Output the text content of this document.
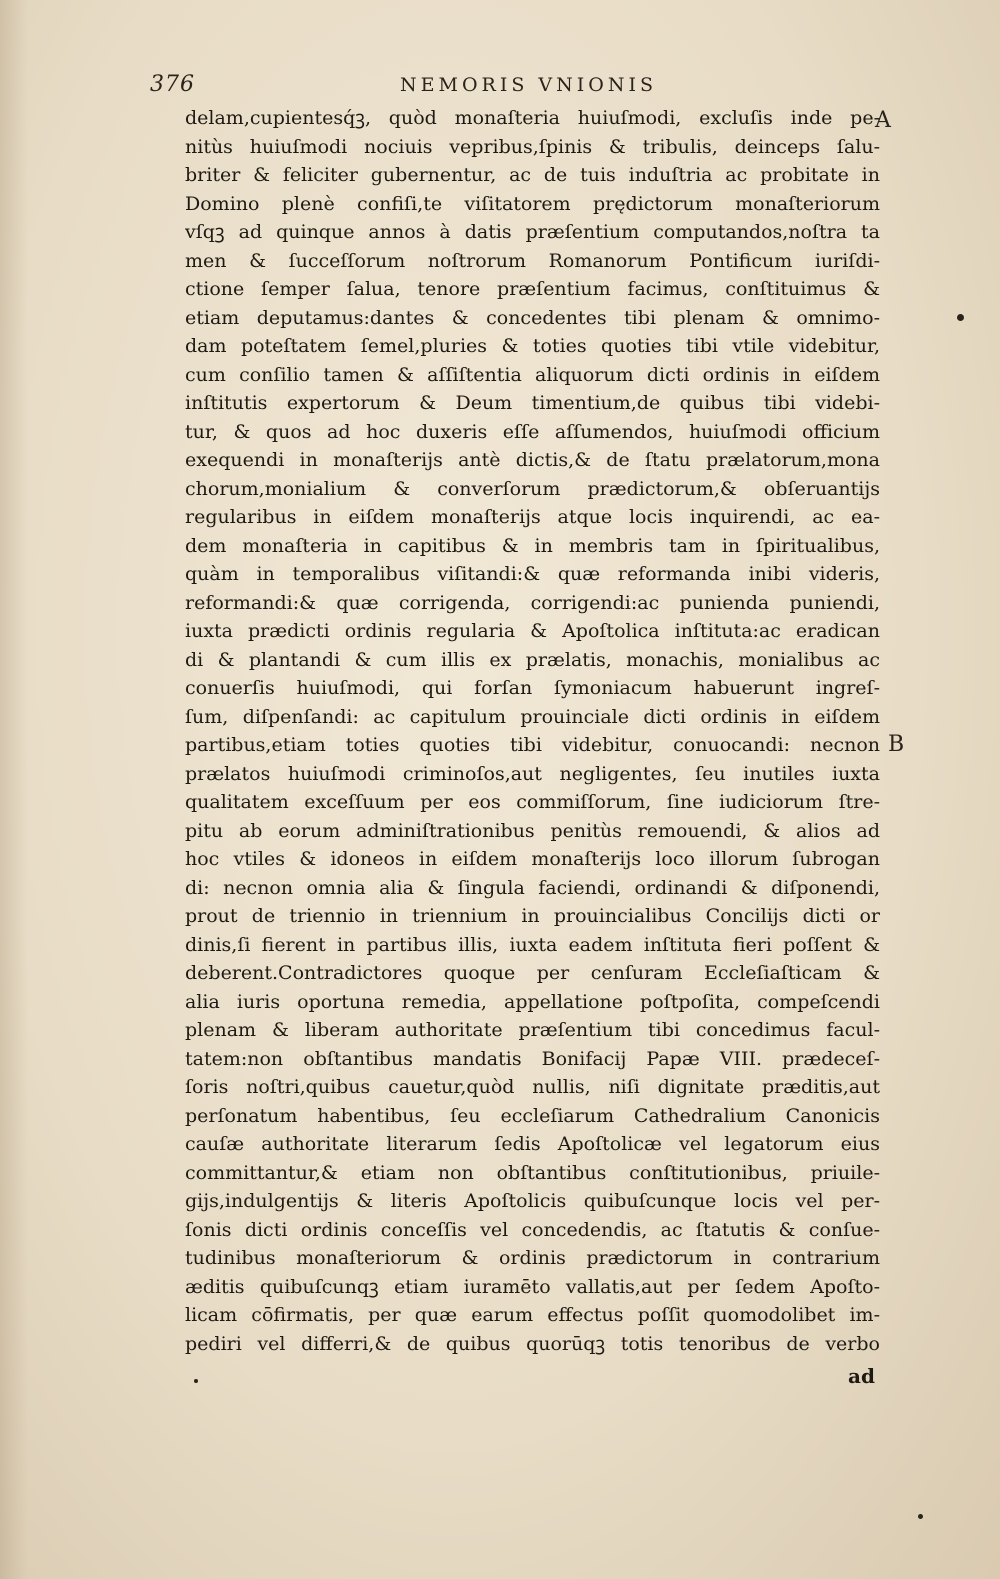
376	NEMORIS VNIONIS
A
B
delam,cupientesq́ꝫ, quòd monaſteria huiuſmodi, excluſis inde pe-
nitùs huiuſmodi nociuis vepribus,ſpinis & tribulis, deinceps ſalu-
briter & feliciter gubernentur, ac de tuis induſtria ac probitate in
Domino plenè confiſi,te viſitatorem prędictorum monaſteriorum
vſqꝫ ad quinque annos à datis præſentium computandos,noſtra ta
men & ſucceſſorum noſtrorum Romanorum Pontificum iuriſdi-
ctione ſemper ſalua, tenore præſentium facimus, conſtituimus &
etiam deputamus:dantes & concedentes tibi plenam & omnimo-
dam poteſtatem ſemel,pluries & toties quoties tibi vtile videbitur,
cum conſilio tamen & aſſiſtentia aliquorum dicti ordinis in eiſdem
inſtitutis expertorum & Deum timentium,de quibus tibi videbi-
tur, & quos ad hoc duxeris eſſe aſſumendos, huiuſmodi officium
exequendi in monaſterijs antè dictis,& de ſtatu prælatorum,mona
chorum,monialium & converſorum prædictorum,& obſeruantijs
regularibus in eiſdem monaſterijs atque locis inquirendi, ac ea-
dem monaſteria in capitibus & in membris tam in ſpiritualibus,
quàm in temporalibus viſitandi:& quæ reformanda inibi videris,
reformandi:& quæ corrigenda, corrigendi:ac punienda puniendi,
iuxta prædicti ordinis regularia & Apoſtolica inſtituta:ac eradican
di & plantandi & cum illis ex prælatis, monachis, monialibus ac
conuerſis huiuſmodi, qui forſan ſymoniacum habuerunt ingreſ-
ſum, diſpenſandi: ac capitulum prouinciale dicti ordinis in eiſdem
partibus,etiam toties quoties tibi videbitur, conuocandi: necnon
prælatos huiuſmodi criminoſos,aut negligentes, ſeu inutiles iuxta
qualitatem exceſſuum per eos commiſſorum, ſine iudiciorum ſtre-
pitu ab eorum adminiſtrationibus penitùs remouendi, & alios ad
hoc vtiles & idoneos in eiſdem monaſterijs loco illorum ſubrogan
di: necnon omnia alia & ſingula faciendi, ordinandi & diſponendi,
prout de triennio in triennium in prouincialibus Concilijs dicti or
dinis,ſi fierent in partibus illis, iuxta eadem inſtituta fieri poſſent &
deberent.Contradictores quoque per cenſuram Eccleſiaſticam &
alia iuris oportuna remedia, appellatione poſtpoſita, compeſcendi
plenam & liberam authoritate præſentium tibi concedimus facul-
tatem:non obſtantibus mandatis Bonifacij Papæ VIII. prædeceſ-
ſoris noſtri,quibus cauetur,quòd nullis, niſi dignitate præditis,aut
perſonatum habentibus, ſeu eccleſiarum Cathedralium Canonicis
cauſæ authoritate literarum ſedis Apoſtolicæ vel legatorum eius
committantur,& etiam non obſtantibus conſtitutionibus, priuile-
gijs,indulgentijs & literis Apoſtolicis quibuſcunque locis vel per-
ſonis dicti ordinis conceſſis vel concedendis, ac ſtatutis & conſue-
tudinibus monaſteriorum & ordinis prædictorum in contrarium
æditis quibuſcunqꝫ etiam iuramēto vallatis,aut per ſedem Apoſto-
licam cōfirmatis, per quæ earum effectus poſſit quomodolibet im-
pediri vel differri,& de quibus quorūqꝫ totis tenoribus de verbo
ad
